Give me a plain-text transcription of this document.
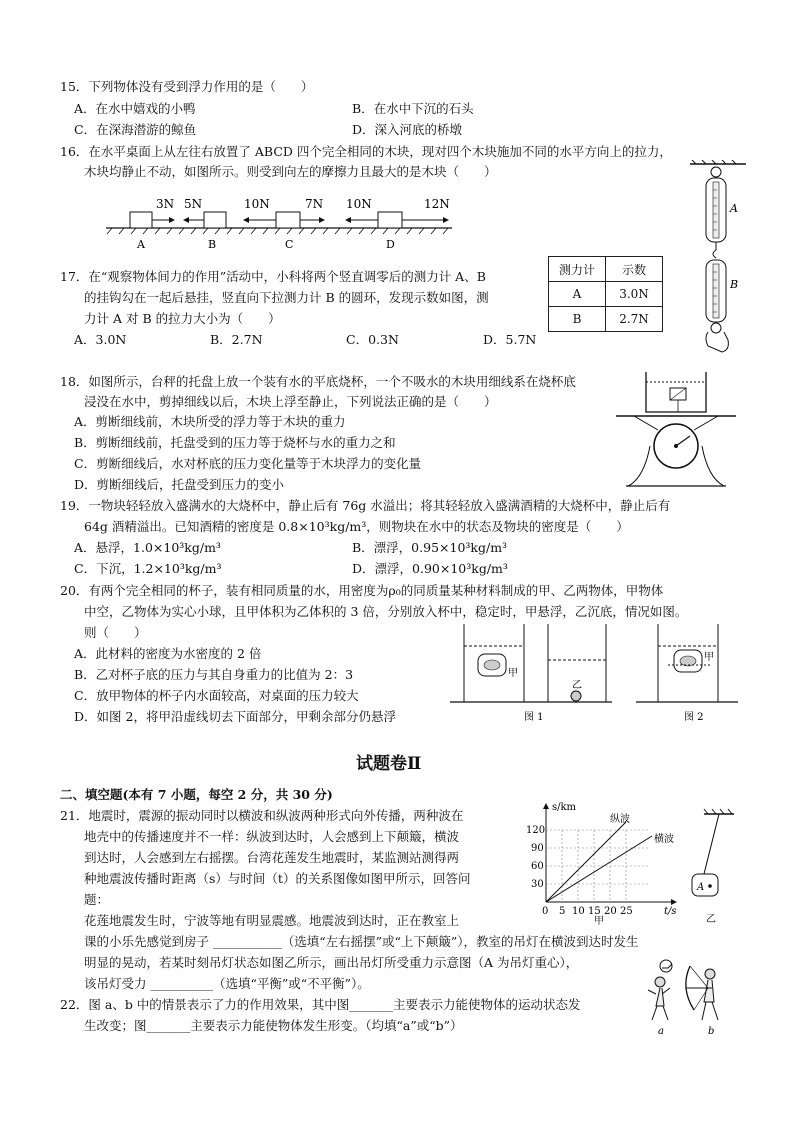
15．下列物体没有受到浮力作用的是（　　）
A．在水中嬉戏的小鸭	B．在水中下沉的石头
C．在深海潜游的鲸鱼	D．深入河底的桥墩
16．在水平桌面上从左往右放置了 ABCD 四个完全相同的木块，现对四个木块施加不同的水平方向上的拉力，
木块均静止不动，如图所示。则受到向左的摩擦力且最大的是木块（　　）
3N
A
5N
B
10N	7N
C
10N	12N
D
A
B
17．在“观察物体间力的作用”活动中，小科将两个竖直调零后的测力计 A、B
的挂钩勾在一起后悬挂，竖直向下拉测力计 B 的圆环，发现示数如图，测
力计 A 对 B 的拉力大小为（　　）
A．3.0N	B．2.7N	C．0.3N	D．5.7N
测力计	示数
A	3.0N
B	2.7N
18．如图所示，台秤的托盘上放一个装有水的平底烧杯，一个不吸水的木块用细线系在烧杯底
浸没在水中，剪掉细线以后，木块上浮至静止，下列说法正确的是（　　）
A．剪断细线前，木块所受的浮力等于木块的重力
B．剪断细线前，托盘受到的压力等于烧杯与水的重力之和
C．剪断细线后，水对杯底的压力变化量等于木块浮力的变化量
D．剪断细线后，托盘受到压力的变小
19．一物块轻轻放入盛满水的大烧杯中，静止后有 76g 水溢出；将其轻轻放入盛满酒精的大烧杯中，静止后有
64g 酒精溢出。已知酒精的密度是 0.8×10³kg/m³，则物块在水中的状态及物块的密度是（　　）
A．悬浮，1.0×10³kg/m³	B．漂浮，0.95×10³kg/m³
C．下沉，1.2×10³kg/m³	D．漂浮，0.90×10³kg/m³
20．有两个完全相同的杯子，装有相同质量的水，用密度为ρ₀的同质量某种材料制成的甲、乙两物体，甲物体
中空，乙物体为实心小球，且甲体积为乙体积的 3 倍，分别放入杯中，稳定时，甲悬浮，乙沉底，情况如图。
则（　　）
A．此材料的密度为水密度的 2 倍
B．乙对杯子底的压力与其自身重力的比值为 2：3
C．放甲物体的杯子内水面较高，对桌面的压力较大
D．如图 2，将甲沿虚线切去下面部分，甲剩余部分仍悬浮
甲
乙
图 1
甲
图 2
试题卷Ⅱ
二、填空题(本有 7 小题，每空 2 分，共 30 分)
21．地震时，震源的振动同时以横波和纵波两种形式向外传播，两种波在
地壳中的传播速度并不一样：纵波到达时，人会感到上下颠簸，横波
到达时，人会感到左右摇摆。台湾花莲发生地震时，某监测站测得两
种地震波传播时距离（s）与时间（t）的关系图像如图甲所示，回答问
题：
花莲地震发生时，宁波等地有明显震感。地震波到达时，正在教室上
课的小乐先感觉到房子 ___________（选填“左右摇摆”或“上下颠簸”），教室的吊灯在横波到达时发生
明显的晃动，若某时刻吊灯状态如图乙所示，画出吊灯所受重力示意图（A 为吊灯重心），
该吊灯受力 __________（选填“平衡”或“不平衡”）。
s/km
t/s
120
90
60
30
0 5 10 15 20 25
纵波
横波
甲
A
乙
22．图 a、b 中的情景表示了力的作用效果，其中图_______主要表示力能使物体的运动状态发
生改变；图_______主要表示力能使物体发生形变。（均填“a”或“b”）	a	b
